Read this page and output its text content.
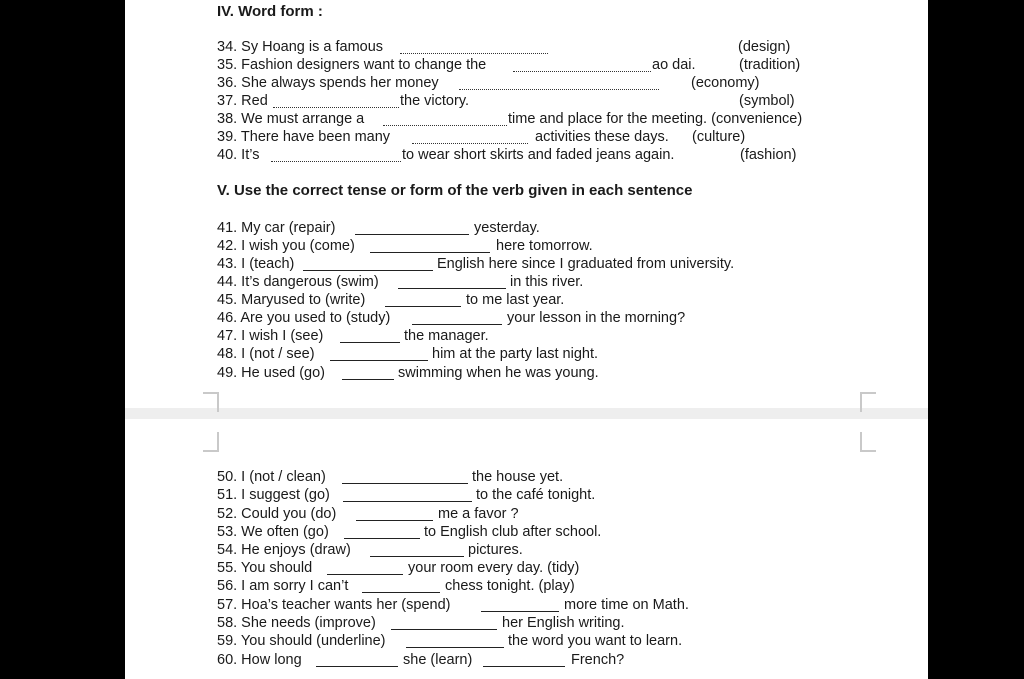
IV. Word form :
34. Sy Hoang is a famous	(design)
35. Fashion designers want to change the	ao dai.	(tradition)
36. She always spends her money	(economy)
37. Red	the victory.	(symbol)
38. We must arrange a	time and place for the meeting. (convenience)
39. There have been many	activities these days. (culture)
40. It’s	to wear short skirts and faded jeans again.	(fashion)
V. Use the correct tense or form of the verb given in each sentence
41. My car (repair)	yesterday.
42. I wish you (come)	here tomorrow.
43. I (teach)	English here since I graduated from university.
44. It’s dangerous (swim)	in this river.
45. Maryused to (write)	to me last year.
46. Are you used to (study)	your lesson in the morning?
47. I wish I (see)	the manager.
48. I (not / see)	him at the party last night.
49. He used (go)	swimming when he was young.
50. I (not / clean)	the house yet.
51. I suggest (go)	to the café tonight.
52. Could you (do)	me a favor ?
53. We often (go)	to English club after school.
54. He enjoys (draw)	pictures.
55. You should	your room every day. (tidy)
56. I am sorry I can’t	chess tonight. (play)
57. Hoa’s teacher wants her (spend)	more time on Math.
58. She needs (improve)	her English writing.
59. You should (underline)	the word you want to learn.
60. How long	she (learn)	French?
